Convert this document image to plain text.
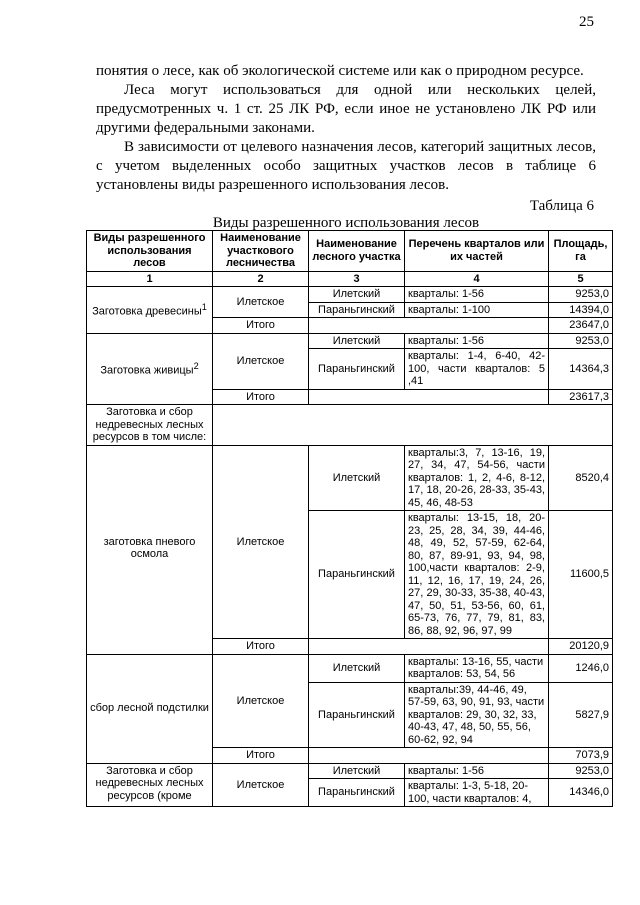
25

понятия о лесе, как об экологической системе или как о природном ресурсе.

Леса могут использоваться для одной или нескольких целей, предусмотренных ч. 1 ст. 25 ЛК РФ, если иное не установлено ЛК РФ или другими федеральными законами.

В зависимости от целевого назначения лесов, категорий защитных лесов, с учетом выделенных особо защитных участков лесов в таблице 6 установлены виды разрешенного использования лесов.

Таблица 6
Виды разрешенного использования лесов
Виды разрешенного использования лесов	Наименование участкового лесничества	Наименование лесного участка	Перечень кварталов или их частей	Площадь, га
1	2	3	4	5
Заготовка древесины$^1$	Илетское	Илетский	кварталы: 1-56	9253,0
		Параньгинский	кварталы: 1-100	14394,0
	Итого			23647,0
Заготовка живицы$^2$	Илетское	Илетский	кварталы: 1-56	9253,0
		Параньгинский	кварталы: 1-4, 6-40, 42-100, части кварталов: 5 ,41	14364,3
	Итого			23617,3
Заготовка и сбор недревесных лесных ресурсов в том числе:				
заготовка пневого осмола	Илетское	Илетский	кварталы:3, 7, 13-16, 19, 27, 34, 47, 54-56, части кварталов: 1, 2, 4-6, 8-12, 17, 18, 20-26, 28-33, 35-43, 45, 46, 48-53	8520,4
		Параньгинский	кварталы: 13-15, 18, 20-23, 25, 28, 34, 39, 44-46, 48, 49, 52, 57-59, 62-64, 80, 87, 89-91, 93, 94, 98, 100,части кварталов: 2-9, 11, 12, 16, 17, 19, 24, 26, 27, 29, 30-33, 35-38, 40-43, 47, 50, 51, 53-56, 60, 61, 65-73, 76, 77, 79, 81, 83, 86, 88, 92, 96, 97, 99	11600,5
	Итого			20120,9
сбор лесной подстилки	Илетское	Илетский	кварталы: 13-16, 55, части кварталов: 53, 54, 56	1246,0
		Параньгинский	кварталы:39, 44-46, 49, 57-59, 63, 90, 91, 93, части кварталов: 29, 30, 32, 33, 40-43, 47, 48, 50, 55, 56, 60-62, 92, 94	5827,9
	Итого			7073,9
Заготовка и сбор недревесных лесных ресурсов (кроме	Илетское	Илетский	кварталы: 1-56	9253,0
		Параньгинский	кварталы: 1-3, 5-18, 20-100, части кварталов: 4,	14346,0
